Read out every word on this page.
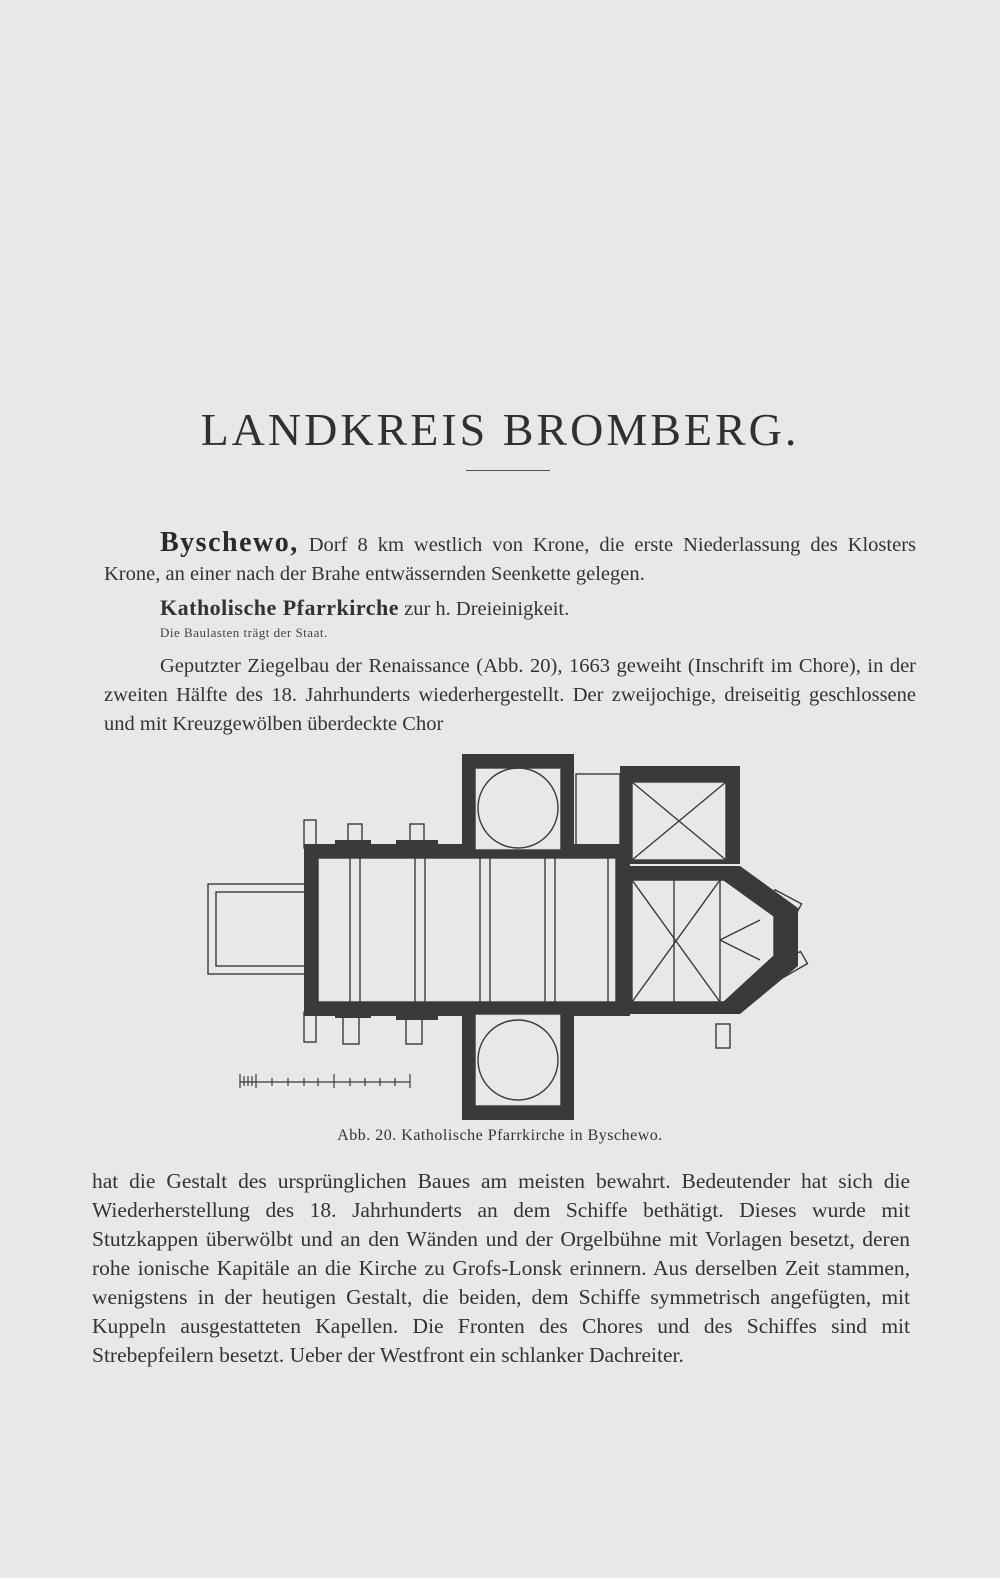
LANDKREIS BROMBERG.
Byschewo, Dorf 8 km westlich von Krone, die erste Niederlassung des Klosters Krone, an einer nach der Brahe entwässernden Seenkette gelegen.
Katholische Pfarrkirche zur h. Dreieinigkeit.
Die Baulasten trägt der Staat.
Geputzter Ziegelbau der Renaissance (Abb. 20), 1663 geweiht (Inschrift im Chore), in der zweiten Hälfte des 18. Jahrhunderts wiederhergestellt. Der zweijochige, dreiseitig geschlossene und mit Kreuzgewölben überdeckte Chor
Abb. 20. Katholische Pfarrkirche in Byschewo.
hat die Gestalt des ursprünglichen Baues am meisten bewahrt. Bedeutender hat sich die Wiederherstellung des 18. Jahrhunderts an dem Schiffe bethätigt. Dieses wurde mit Stutzkappen überwölbt und an den Wänden und der Orgelbühne mit Vorlagen besetzt, deren rohe ionische Kapitäle an die Kirche zu Grofs-Lonsk erinnern. Aus derselben Zeit stammen, wenigstens in der heutigen Gestalt, die beiden, dem Schiffe symmetrisch angefügten, mit Kuppeln ausgestatteten Kapellen. Die Fronten des Chores und des Schiffes sind mit Strebepfeilern besetzt. Ueber der Westfront ein schlanker Dachreiter.
